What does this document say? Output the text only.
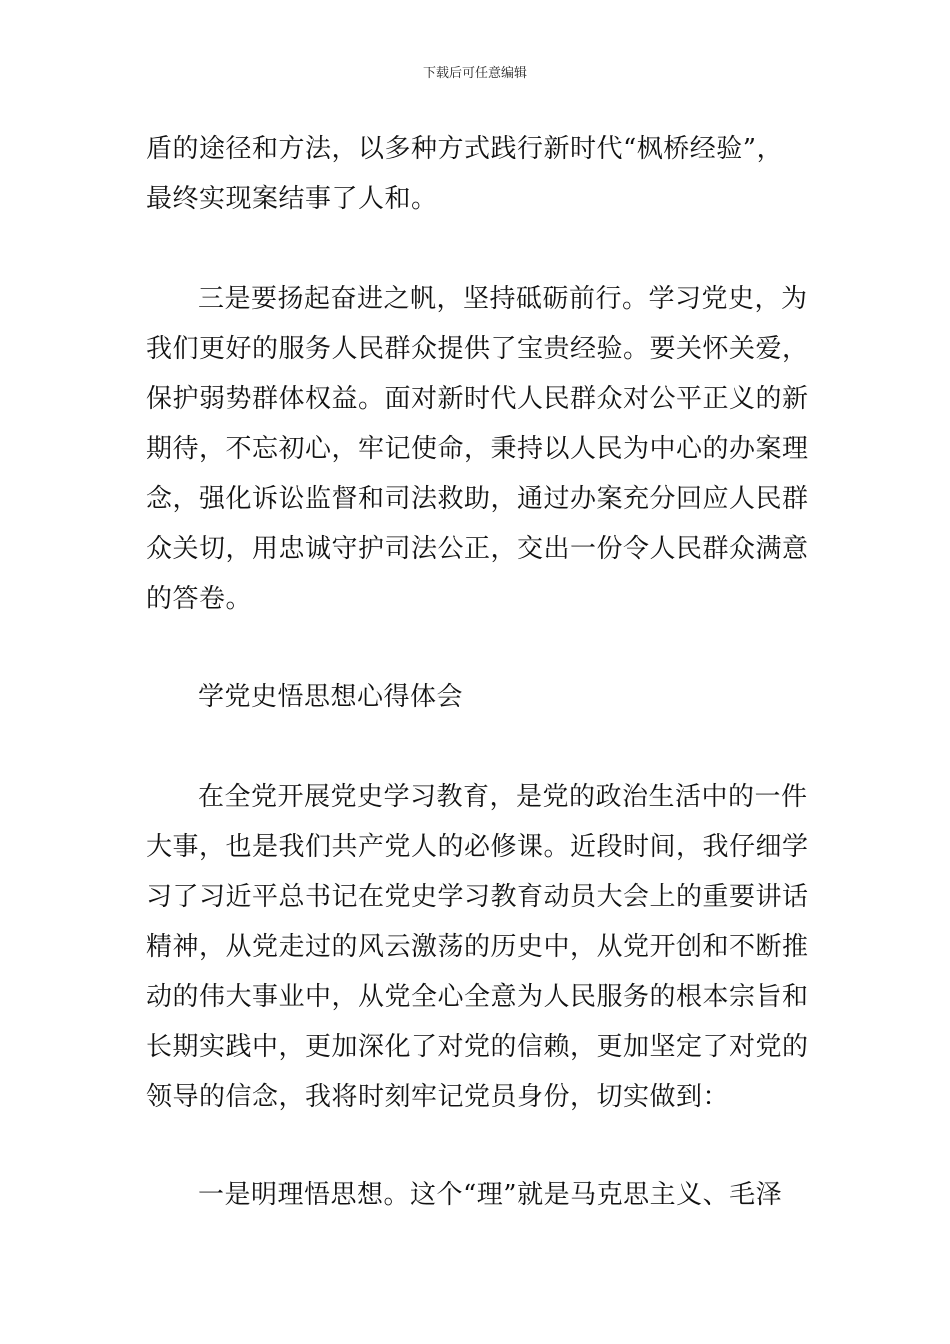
下载后可任意编辑
盾的途径和方法，以多种方式践行新时代“枫桥经验”，
最终实现案结事了人和。
三是要扬起奋进之帆，坚持砥砺前行。学习党史，为
我们更好的服务人民群众提供了宝贵经验。要关怀关爱，
保护弱势群体权益。面对新时代人民群众对公平正义的新
期待，不忘初心，牢记使命，秉持以人民为中心的办案理
念，强化诉讼监督和司法救助，通过办案充分回应人民群
众关切，用忠诚守护司法公正，交出一份令人民群众满意
的答卷。
学党史悟思想心得体会
在全党开展党史学习教育，是党的政治生活中的一件
大事，也是我们共产党人的必修课。近段时间，我仔细学
习了习近平总书记在党史学习教育动员大会上的重要讲话
精神，从党走过的风云激荡的历史中，从党开创和不断推
动的伟大事业中，从党全心全意为人民服务的根本宗旨和
长期实践中，更加深化了对党的信赖，更加坚定了对党的
领导的信念，我将时刻牢记党员身份，切实做到：
一是明理悟思想。这个“理”就是马克思主义、毛泽
